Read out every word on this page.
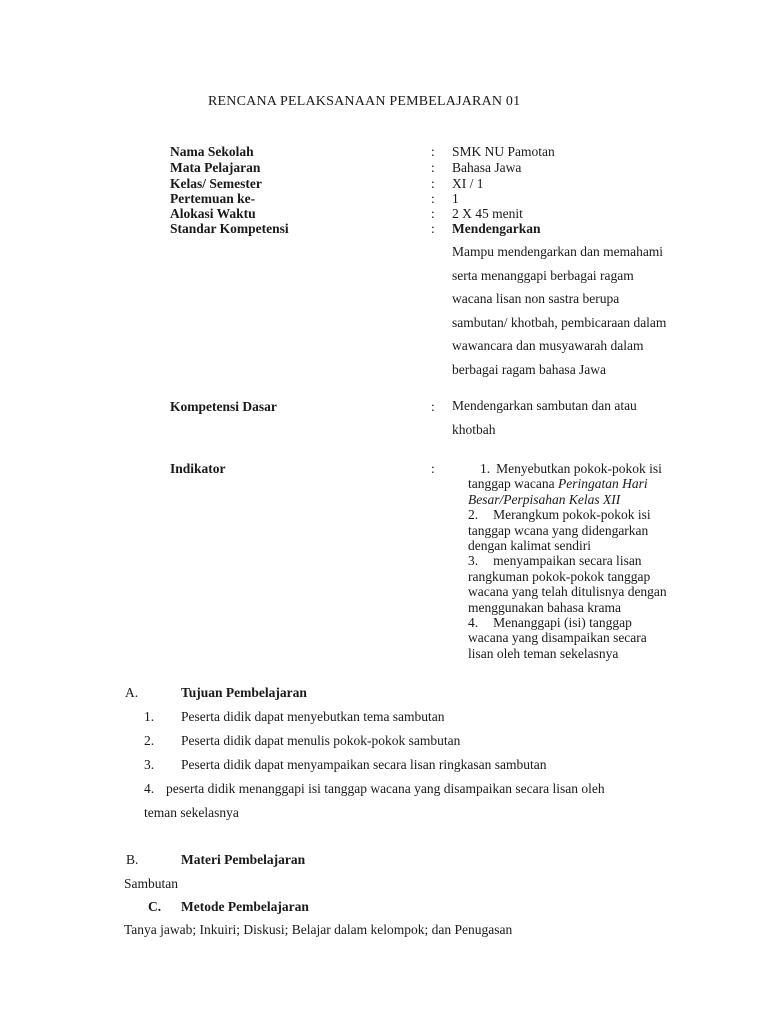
RENCANA PELAKSANAAN PEMBELAJARAN 01
Nama Sekolah	: SMK NU Pamotan
Mata Pelajaran	: Bahasa Jawa
Kelas/ Semester	: XI / 1
Pertemuan ke-	: 1
Alokasi Waktu	: 2 X 45 menit
Standar Kompetensi	: Mendengarkan
Mampu mendengarkan dan memahami
serta menanggapi berbagai ragam
wacana lisan non sastra berupa
sambutan/ khotbah, pembicaraan dalam
wawancara dan musyawarah dalam
berbagai ragam bahasa Jawa
Kompetensi Dasar	: Mendengarkan sambutan dan atau
khotbah
Indikator	:	1. Menyebutkan pokok-pokok isi
tanggap wacana Peringatan Hari
Besar/Perpisahan Kelas XII
2. Merangkum pokok-pokok isi
tanggap wcana yang didengarkan
dengan kalimat sendiri
3. menyampaikan secara lisan
rangkuman pokok-pokok tanggap
wacana yang telah ditulisnya dengan
menggunakan bahasa krama
4. Menanggapi (isi) tanggap
wacana yang disampaikan secara
lisan oleh teman sekelasnya
A.	Tujuan Pembelajaran
1. Peserta didik dapat menyebutkan tema sambutan
2. Peserta didik dapat menulis pokok-pokok sambutan
3. Peserta didik dapat menyampaikan secara lisan ringkasan sambutan
4. peserta didik menanggapi isi tanggap wacana yang disampaikan secara lisan oleh
teman sekelasnya
B.	Materi Pembelajaran
Sambutan
C. Metode Pembelajaran
Tanya jawab; Inkuiri; Diskusi; Belajar dalam kelompok; dan Penugasan
